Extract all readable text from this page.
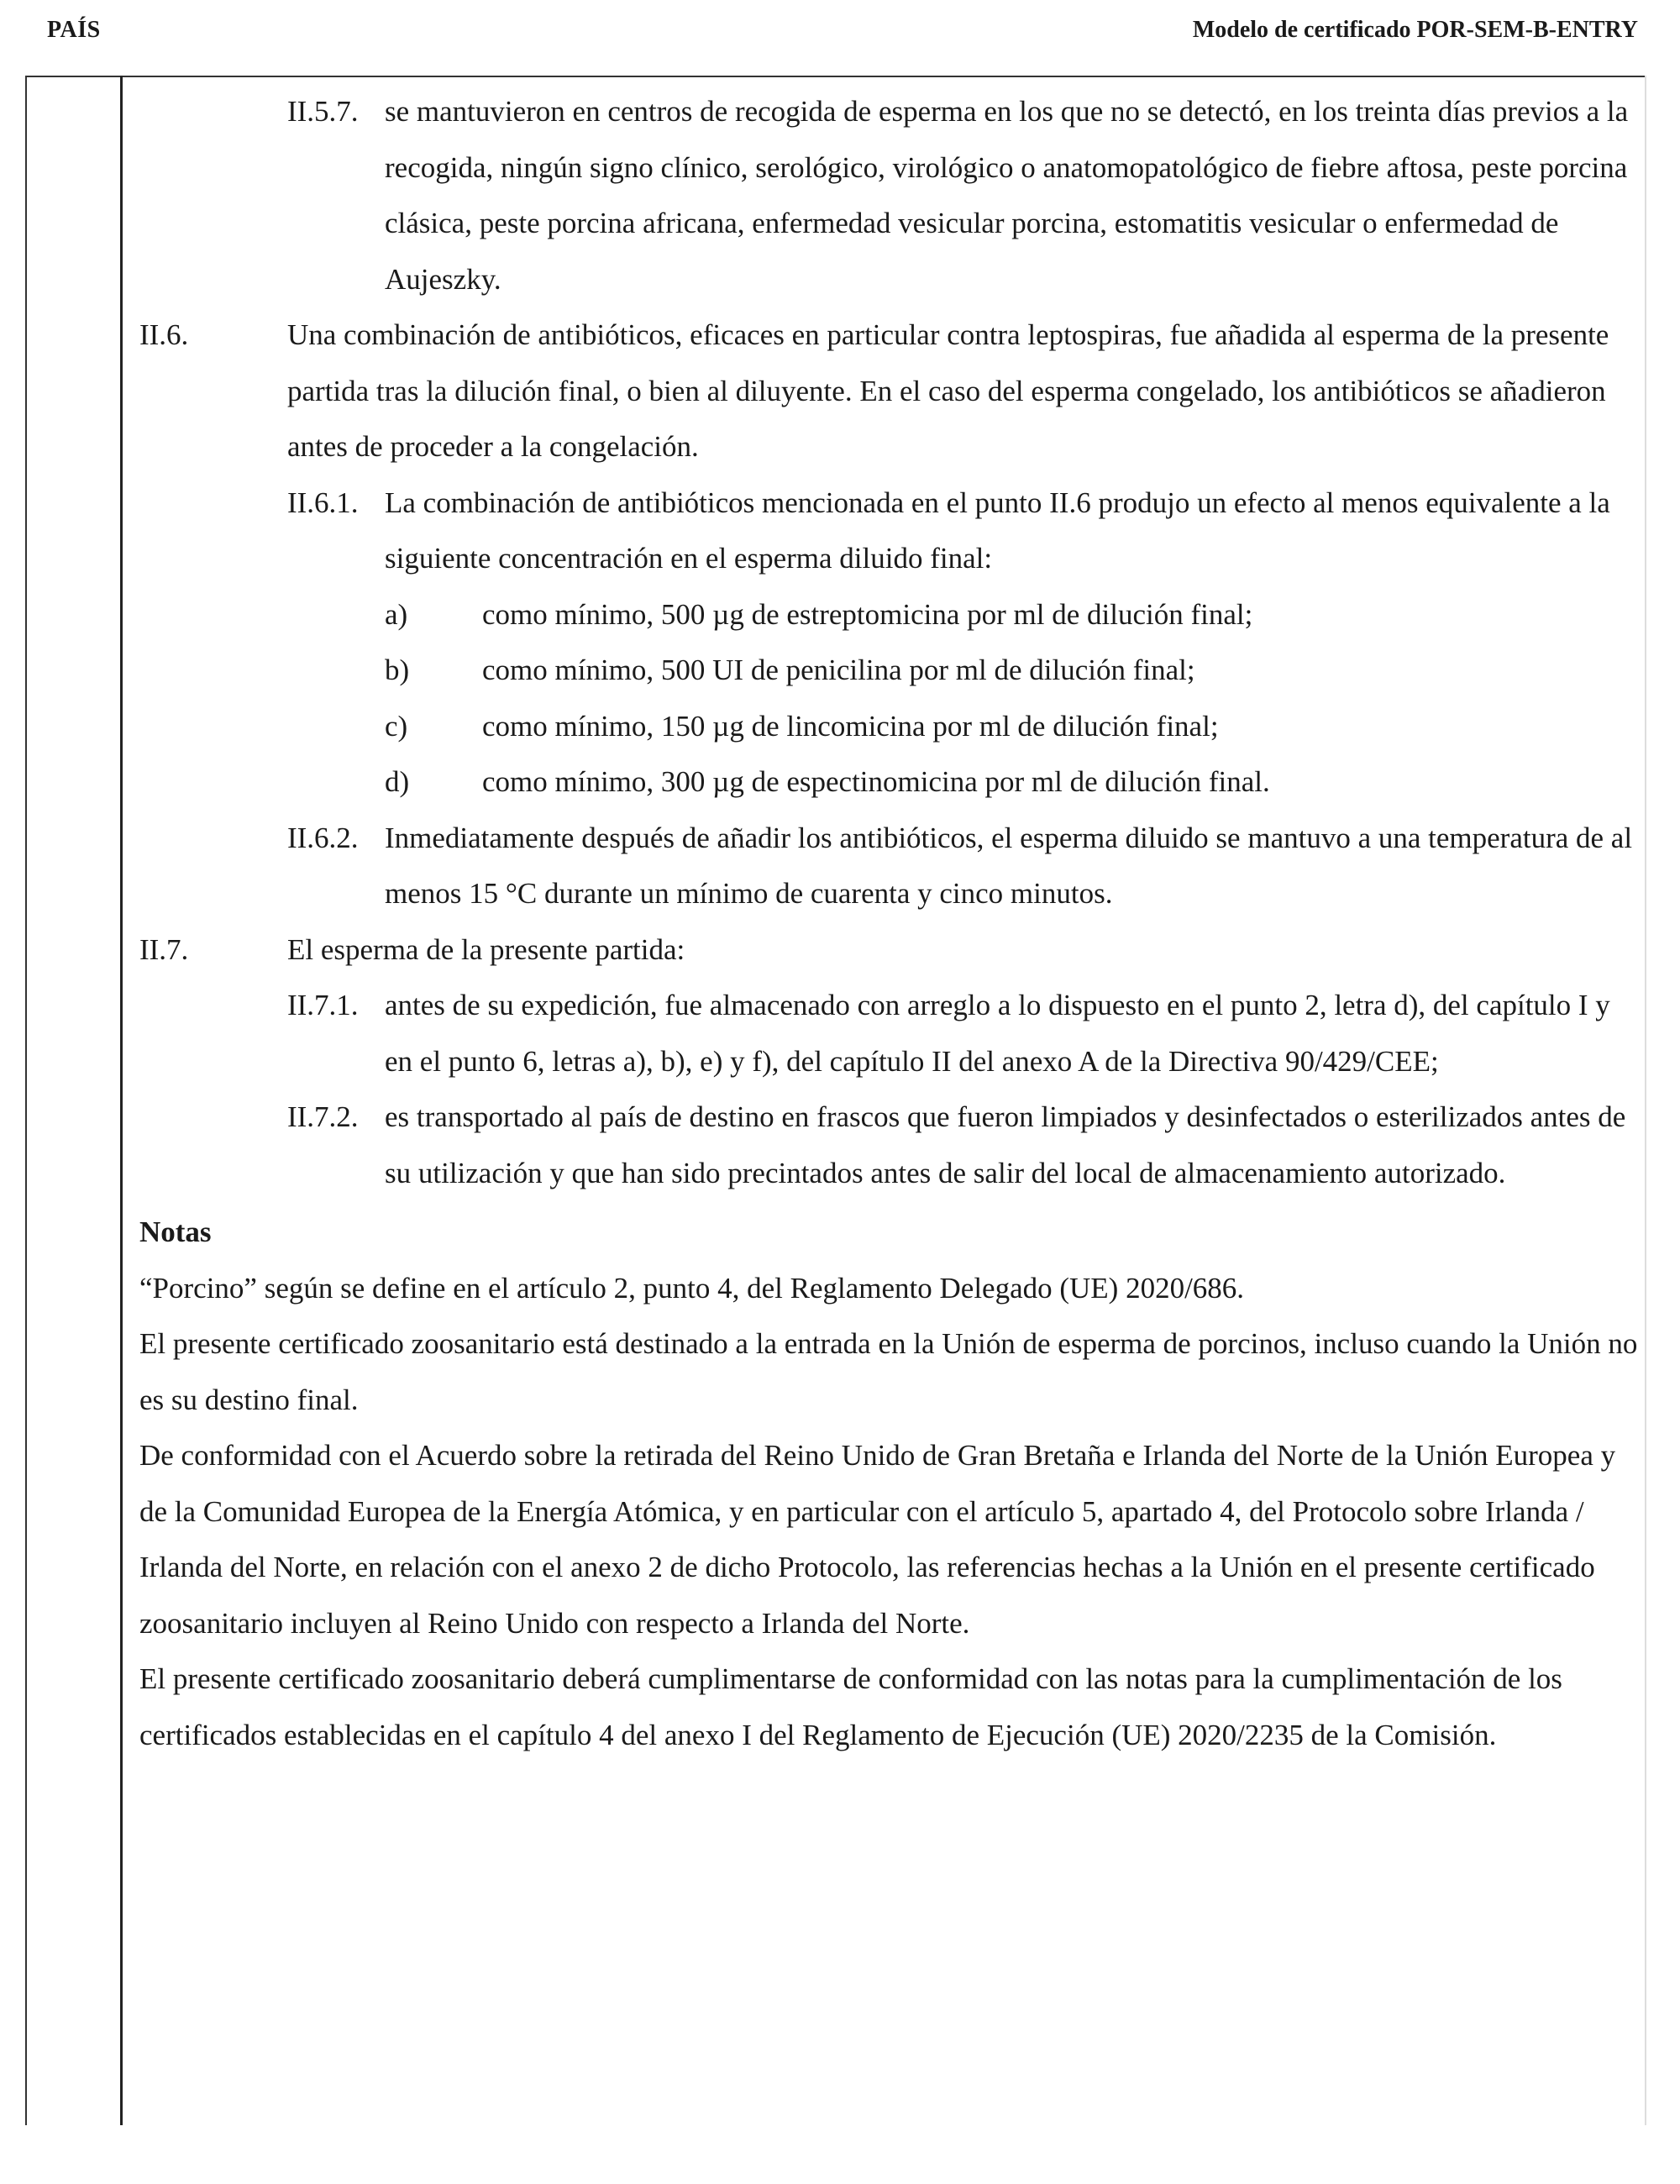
PAÍS	Modelo de certificado POR-SEM-B-ENTRY
II.5.7. se mantuvieron en centros de recogida de esperma en los que no se detectó, en los treinta días previos a la recogida, ningún signo clínico, serológico, virológico o anatomopatológico de fiebre aftosa, peste porcina clásica, peste porcina africana, enfermedad vesicular porcina, estomatitis vesicular o enfermedad de Aujeszky.
II.6.	Una combinación de antibióticos, eficaces en particular contra leptospiras, fue añadida al esperma de la presente partida tras la dilución final, o bien al diluyente. En el caso del esperma congelado, los antibióticos se añadieron antes de proceder a la congelación.
II.6.1. La combinación de antibióticos mencionada en el punto II.6 produjo un efecto al menos equivalente a la siguiente concentración en el esperma diluido final:
a)	como mínimo, 500 µg de estreptomicina por ml de dilución final;
b)	como mínimo, 500 UI de penicilina por ml de dilución final;
c)	como mínimo, 150 µg de lincomicina por ml de dilución final;
d)	como mínimo, 300 µg de espectinomicina por ml de dilución final.
II.6.2. Inmediatamente después de añadir los antibióticos, el esperma diluido se mantuvo a una temperatura de al menos 15 °C durante un mínimo de cuarenta y cinco minutos.
II.7.	El esperma de la presente partida:
II.7.1. antes de su expedición, fue almacenado con arreglo a lo dispuesto en el punto 2, letra d), del capítulo I y en el punto 6, letras a), b), e) y f), del capítulo II del anexo A de la Directiva 90/429/CEE;
II.7.2. es transportado al país de destino en frascos que fueron limpiados y desinfectados o esterilizados antes de su utilización y que han sido precintados antes de salir del local de almacenamiento autorizado.
Notas
“Porcino” según se define en el artículo 2, punto 4, del Reglamento Delegado (UE) 2020/686.
El presente certificado zoosanitario está destinado a la entrada en la Unión de esperma de porcinos, incluso cuando la Unión no es su destino final.
De conformidad con el Acuerdo sobre la retirada del Reino Unido de Gran Bretaña e Irlanda del Norte de la Unión Europea y de la Comunidad Europea de la Energía Atómica, y en particular con el artículo 5, apartado 4, del Protocolo sobre Irlanda / Irlanda del Norte, en relación con el anexo 2 de dicho Protocolo, las referencias hechas a la Unión en el presente certificado zoosanitario incluyen al Reino Unido con respecto a Irlanda del Norte.
El presente certificado zoosanitario deberá cumplimentarse de conformidad con las notas para la cumplimentación de los certificados establecidas en el capítulo 4 del anexo I del Reglamento de Ejecución (UE) 2020/2235 de la Comisión.
